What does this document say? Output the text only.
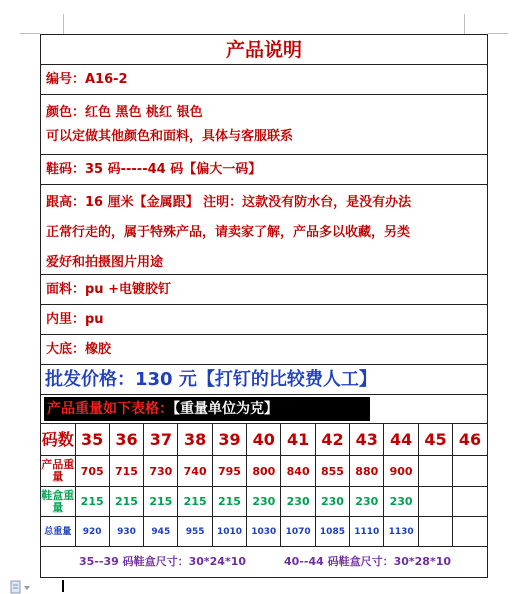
产品说明
编号：A16-2
颜色：红色 黑色 桃红 银色
可以定做其他颜色和面料，具体与客服联系
鞋码：35 码-----44 码【偏大一码】
跟高：16 厘米【金属跟】 注明：这款没有防水台，是没有办法
正常行走的，属于特殊产品，请卖家了解，产品多以收藏，另类
爱好和拍摄图片用途
面料：pu +电镀胶钉
内里：pu
大底：橡胶
批发价格：130 元【打钉的比较费人工】
产品重量如下表格：【重量单位为克】
码数	35	36	37	38	39	40	41	42	43	44	45	46
产品重量	705	715	730	740	795	800	840	855	880	900		
鞋盒重量	215	215	215	215	215	230	230	230	230	230		
总重量	920	930	945	955	1010	1030	1070	1085	1110	1130		
35--39 码鞋盒尺寸：30*24*10	40--44 码鞋盒尺寸：30*28*10
